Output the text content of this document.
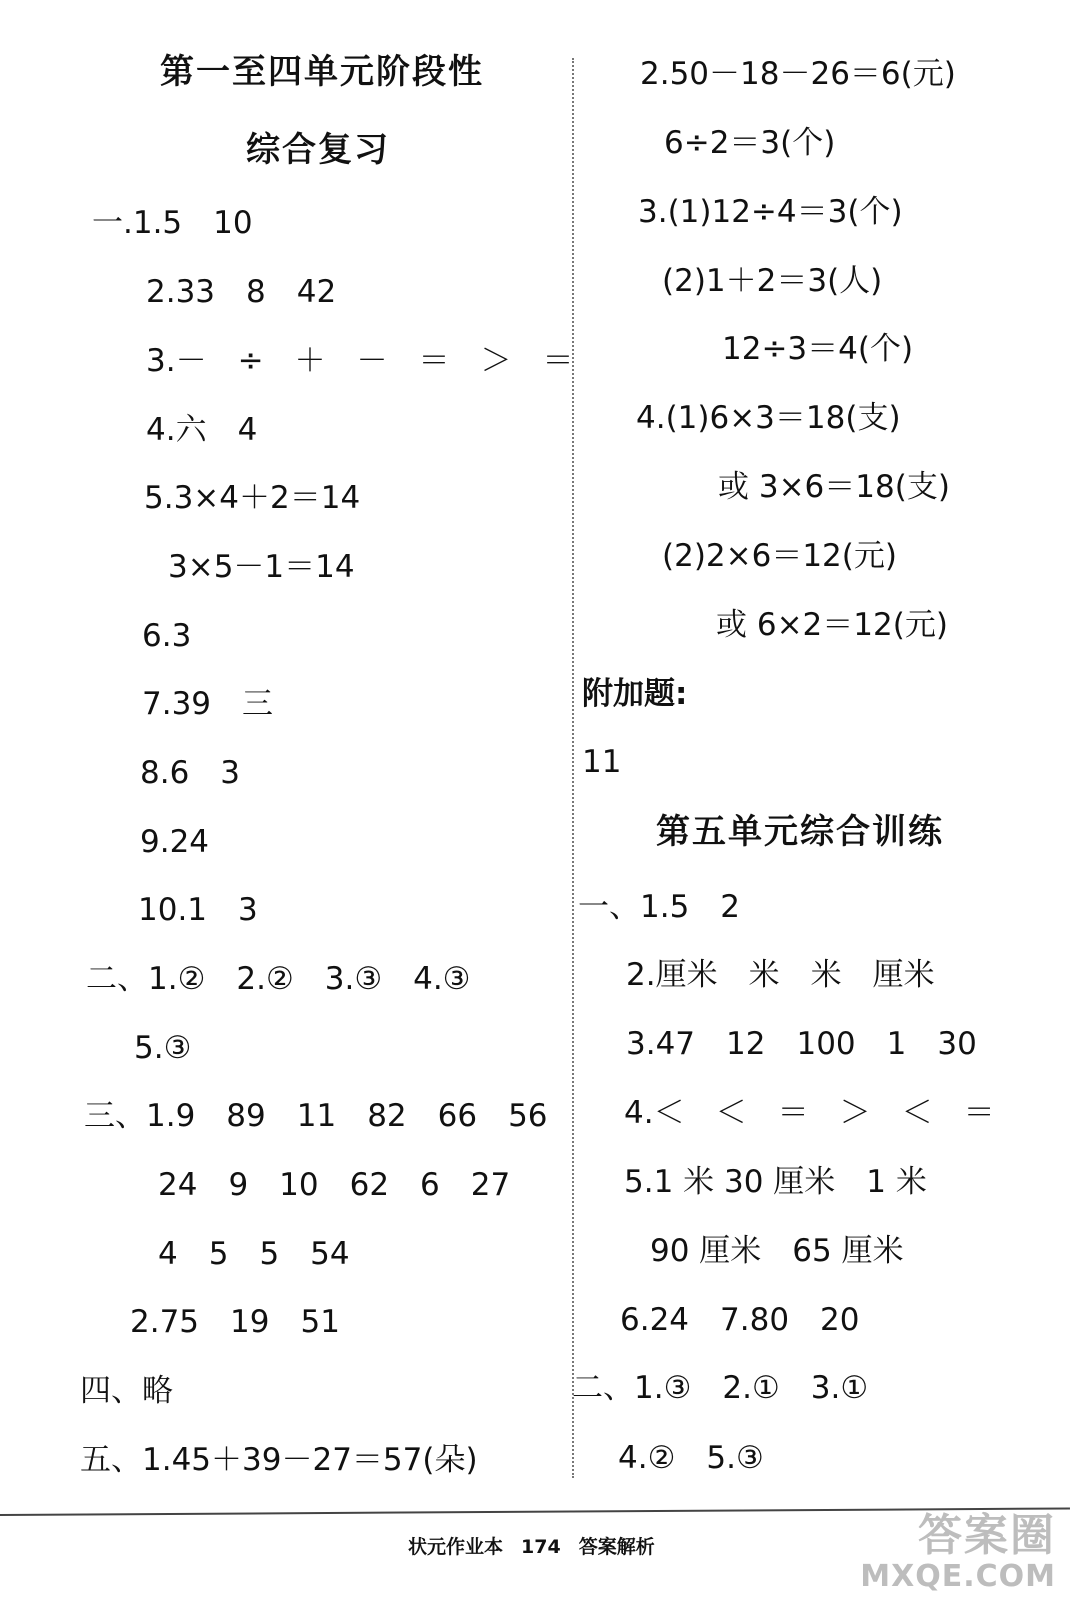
第一至四单元阶段性
综合复习
一.1.5　10
2.33　8　42
3.－　÷　＋　－　＝　＞　＝
4.六　4
5.3×4＋2＝14
3×5－1＝14
6.3
7.39　三
8.6　3
9.24
10.1　3
二、1.②　2.②　3.③　4.③
5.③
三、1.9　89　11　82　66　56
24　9　10　62　6　27
4　5　5　54
2.75　19　51
四、略
五、1.45＋39－27＝57(朵)
2.50－18－26＝6(元)
6÷2＝3(个)
3.(1)12÷4＝3(个)
(2)1＋2＝3(人)
12÷3＝4(个)
4.(1)6×3＝18(支)
或 3×6＝18(支)
(2)2×6＝12(元)
或 6×2＝12(元)
附加题:
11
第五单元综合训练
一、1.5　2
2.厘米　米　米　厘米
3.47　12　100　1　30
4.＜　＜　＝　＞　＜　＝
5.1 米 30 厘米　1 米
90 厘米　65 厘米
6.24　7.80　20
二、1.③　2.①　3.①
4.②　5.③
状元作业本 174 答案解析	答案圈
MXQE.COM
